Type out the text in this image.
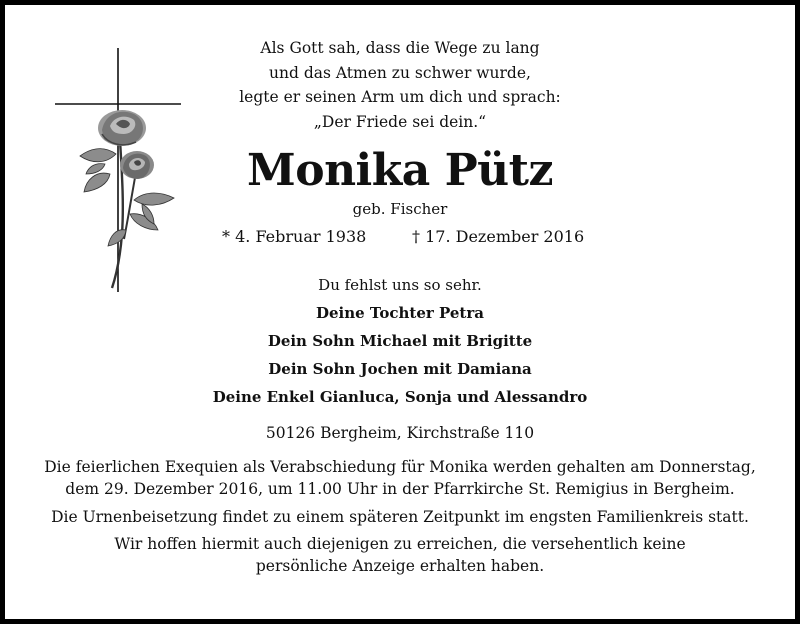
Als Gott sah, dass die Wege zu lang
und das Atmen zu schwer wurde,
legte er seinen Arm um dich und sprach:
„Der Friede sei dein.“
Monika Pütz
geb. Fischer
* 4. Februar 1938	† 17. Dezember 2016
Du fehlst uns so sehr.
Deine Tochter Petra
Dein Sohn Michael mit Brigitte
Dein Sohn Jochen mit Damiana
Deine Enkel Gianluca, Sonja und Alessandro
50126 Bergheim, Kirchstraße 110
Die feierlichen Exequien als Verabschiedung für Monika werden gehalten am Donnerstag,
dem 29. Dezember 2016, um 11.00 Uhr in der Pfarrkirche St. Remigius in Bergheim.
Die Urnenbeisetzung findet zu einem späteren Zeitpunkt im engsten Familienkreis statt.
Wir hoffen hiermit auch diejenigen zu erreichen, die versehentlich keine
persönliche Anzeige erhalten haben.
